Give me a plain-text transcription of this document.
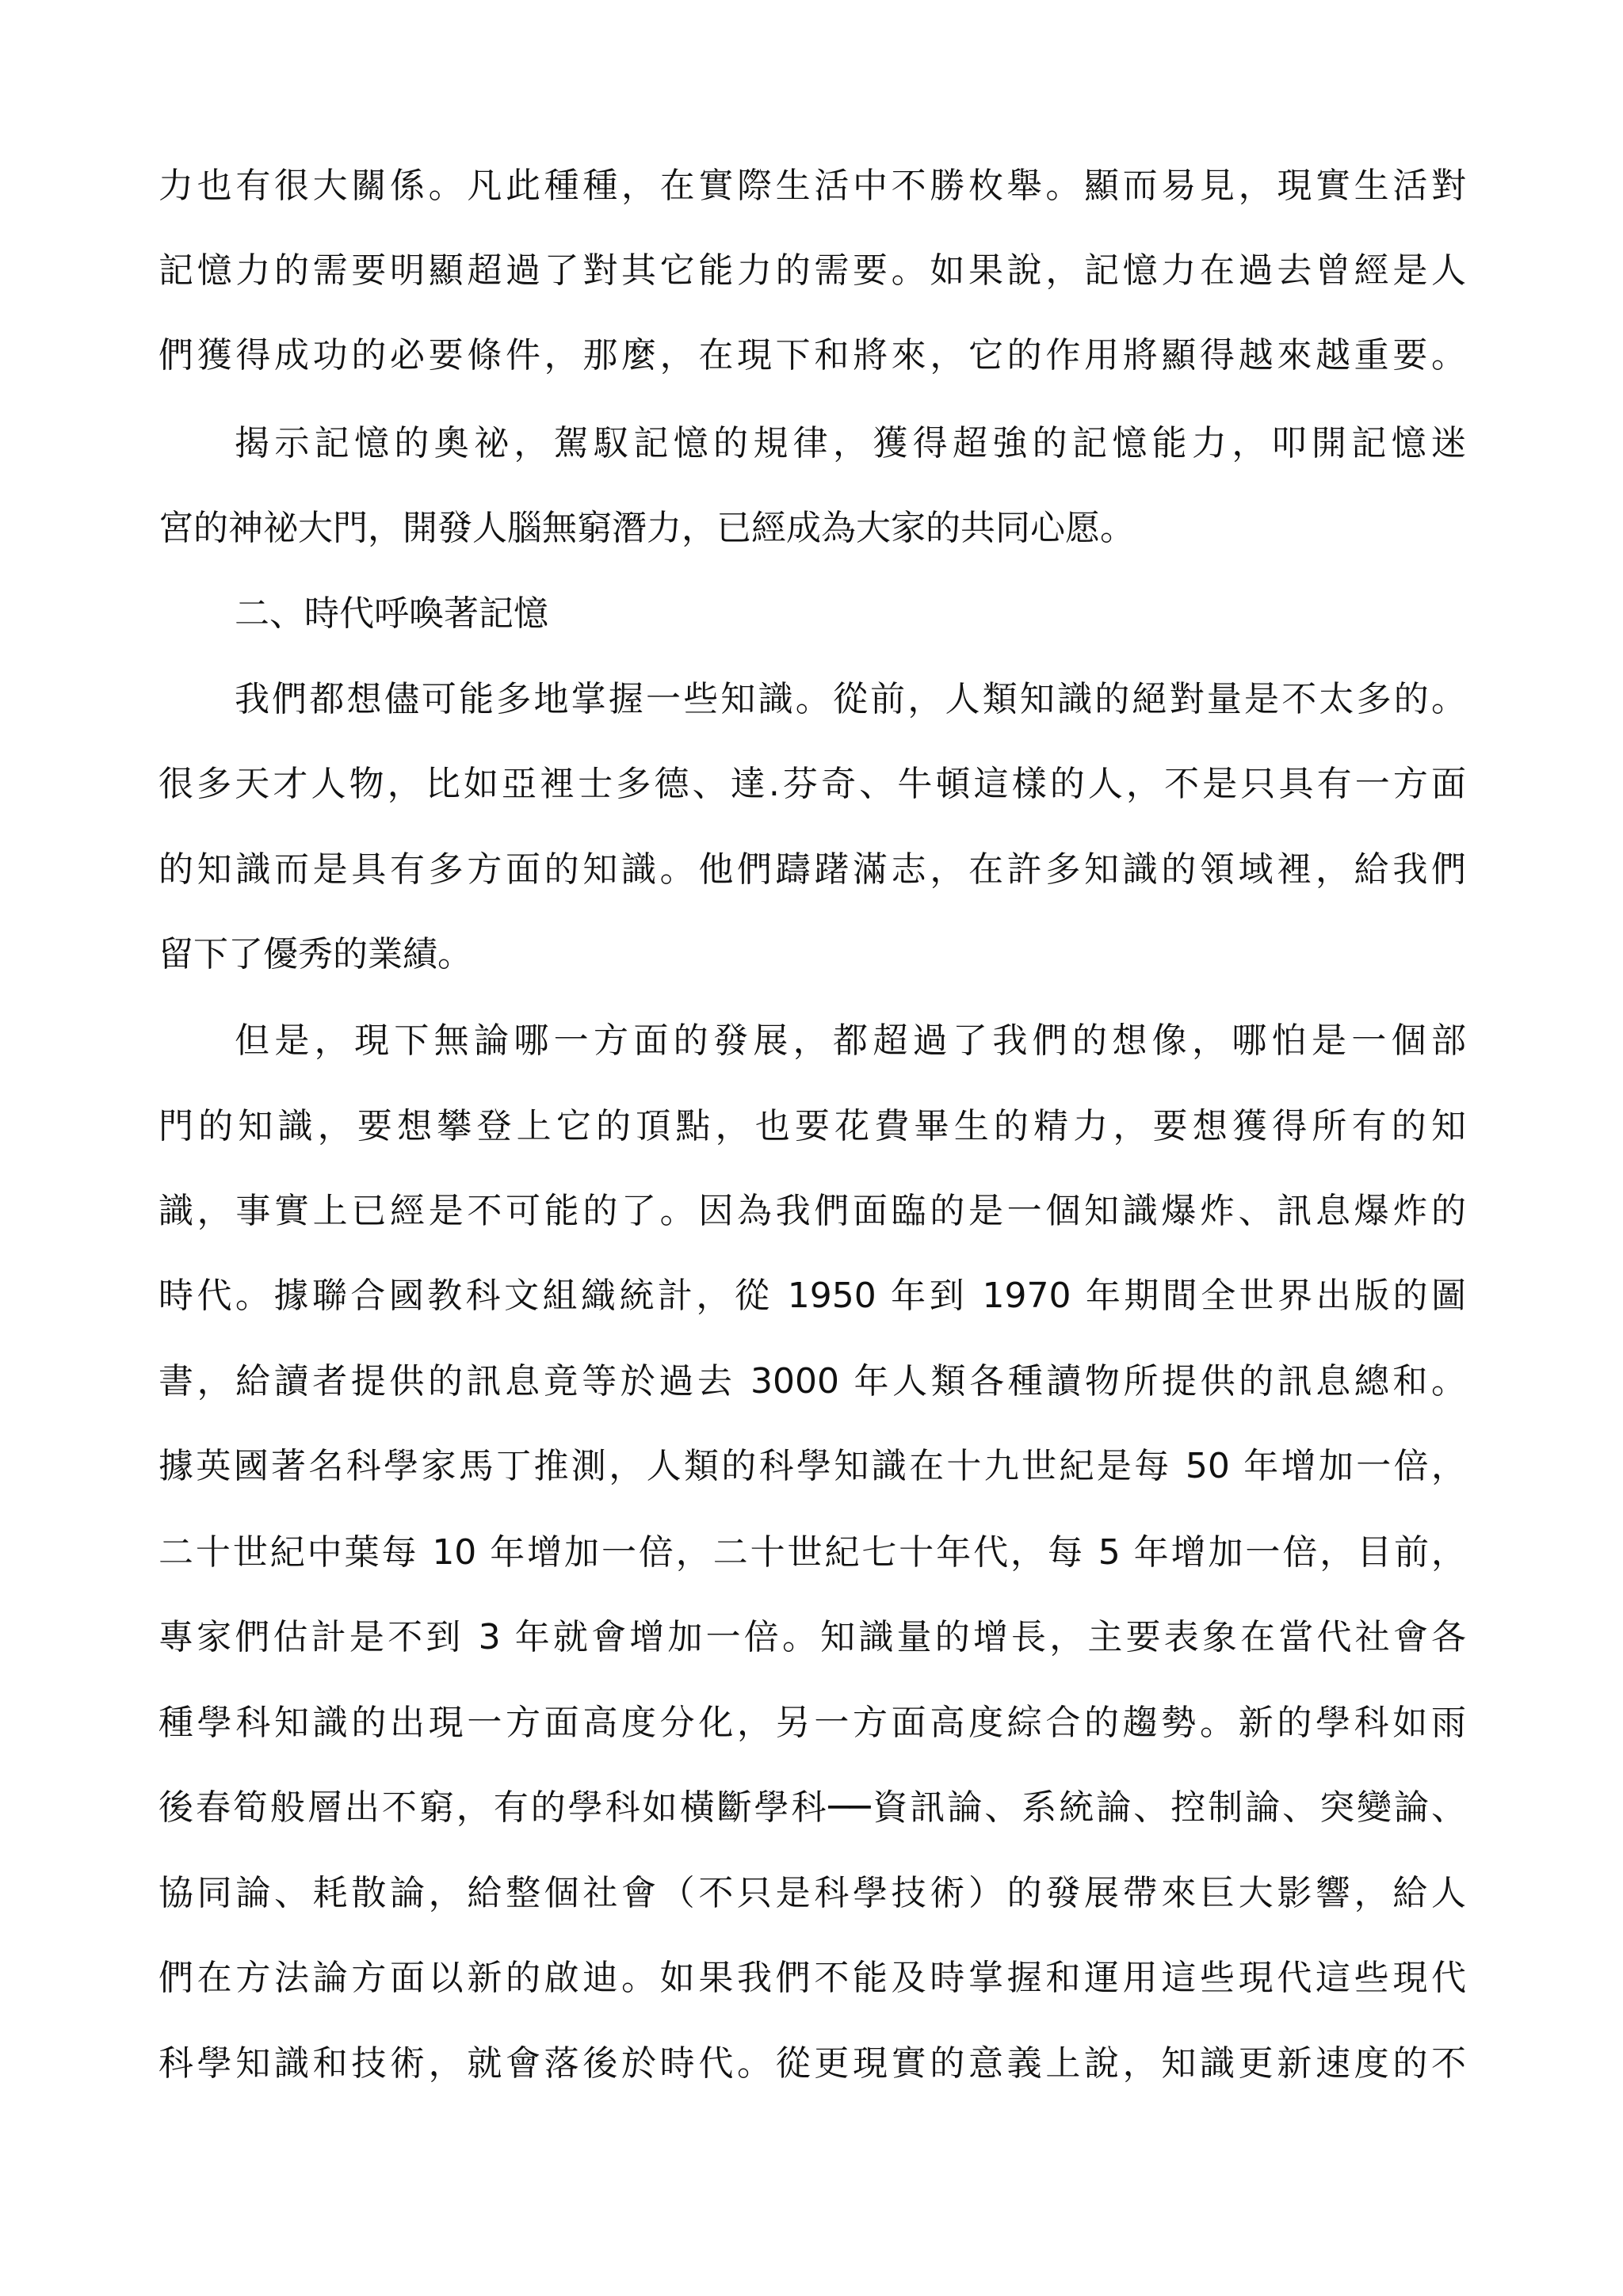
力也有很大關係。凡此種種，在實際生活中不勝枚舉。顯而易見，現實生活對
記憶力的需要明顯超過了對其它能力的需要。如果說，記憶力在過去曾經是人
們獲得成功的必要條件，那麼，在現下和將來，它的作用將顯得越來越重要。
揭示記憶的奧祕，駕馭記憶的規律，獲得超強的記憶能力，叩開記憶迷
宮的神祕大門，開發人腦無窮潛力，已經成為大家的共同心愿。
二、時代呼喚著記憶
我們都想儘可能多地掌握一些知識。從前，人類知識的絕對量是不太多的。
很多天才人物，比如亞裡士多德、達.芬奇、牛頓這樣的人，不是只具有一方面
的知識而是具有多方面的知識。他們躊躇滿志，在許多知識的領域裡，給我們
留下了優秀的業績。
但是，現下無論哪一方面的發展，都超過了我們的想像，哪怕是一個部
門的知識，要想攀登上它的頂點，也要花費畢生的精力，要想獲得所有的知
識，事實上已經是不可能的了。因為我們面臨的是一個知識爆炸、訊息爆炸的
時代。據聯合國教科文組織統計，從 1950 年到 1970 年期間全世界出版的圖
書，給讀者提供的訊息竟等於過去 3000 年人類各種讀物所提供的訊息總和。
據英國著名科學家馬丁推測，人類的科學知識在十九世紀是每 50 年增加一倍，
二十世紀中葉每 10 年增加一倍，二十世紀七十年代，每 5 年增加一倍，目前，
專家們估計是不到 3 年就會增加一倍。知識量的增長，主要表象在當代社會各
種學科知識的出現一方面高度分化，另一方面高度綜合的趨勢。新的學科如雨
後春筍般層出不窮，有的學科如橫斷學科──資訊論、系統論、控制論、突變論、
協同論、耗散論，給整個社會（不只是科學技術）的發展帶來巨大影響，給人
們在方法論方面以新的啟迪。如果我們不能及時掌握和運用這些現代這些現代
科學知識和技術，就會落後於時代。從更現實的意義上說，知識更新速度的不
